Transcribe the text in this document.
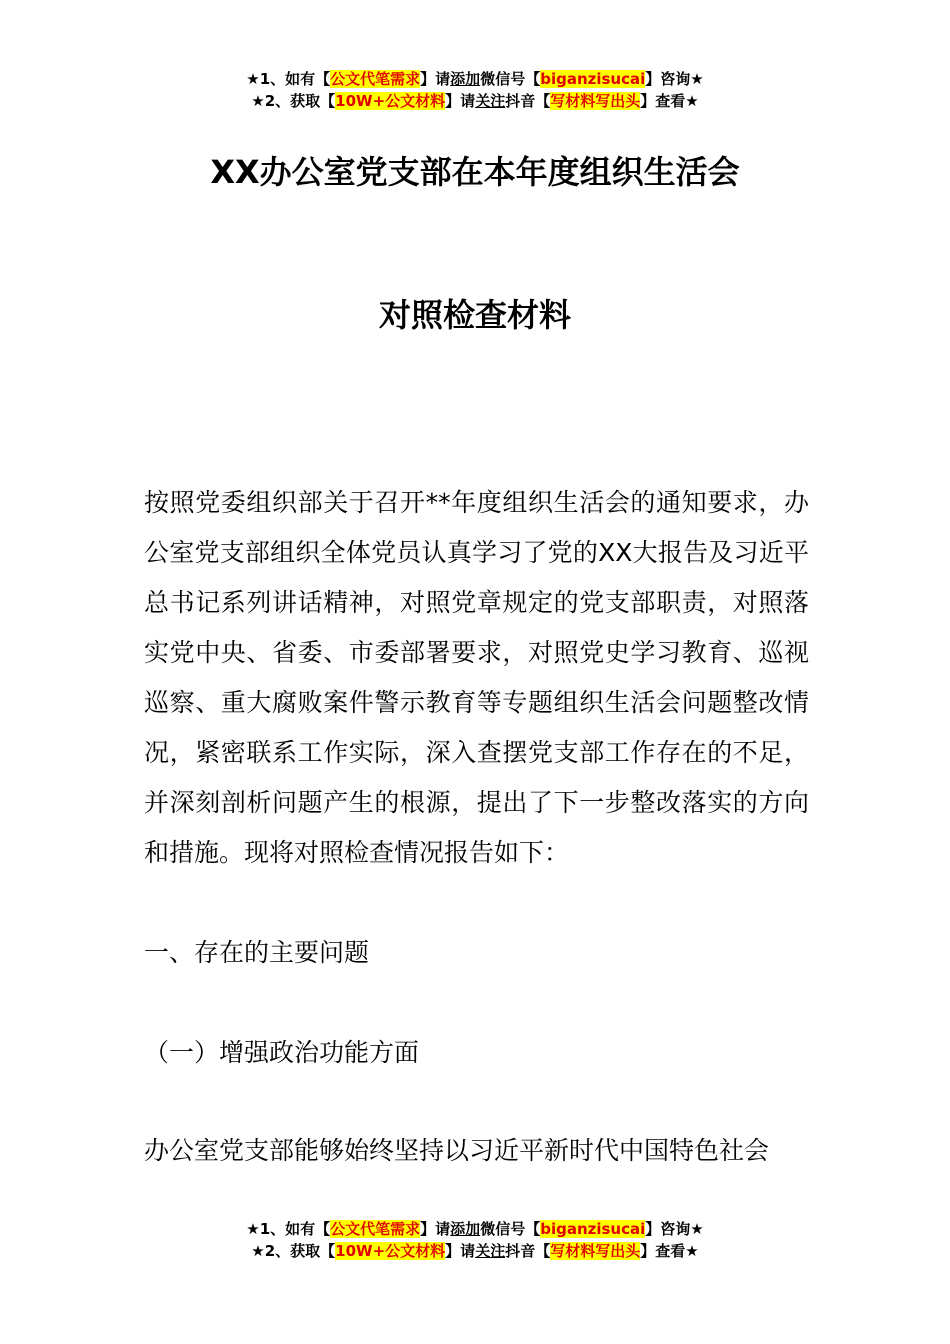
★1、如有【公文代笔需求】请添加微信号【biganzisucai】咨询★
★2、获取【10W+公文材料】请关注抖音【写材料写出头】查看★
XX办公室党支部在本年度组织生活会
对照检查材料
按照党委组织部关于召开**年度组织生活会的通知要求，办公室党支部组织全体党员认真学习了党的XX大报告及习近平总书记系列讲话精神，对照党章规定的党支部职责，对照落实党中央、省委、市委部署要求，对照党史学习教育、巡视巡察、重大腐败案件警示教育等专题组织生活会问题整改情况，紧密联系工作实际，深入查摆党支部工作存在的不足，并深刻剖析问题产生的根源，提出了下一步整改落实的方向和措施。现将对照检查情况报告如下：
一、存在的主要问题
（一）增强政治功能方面
办公室党支部能够始终坚持以习近平新时代中国特色社会
★1、如有【公文代笔需求】请添加微信号【biganzisucai】咨询★
★2、获取【10W+公文材料】请关注抖音【写材料写出头】查看★
